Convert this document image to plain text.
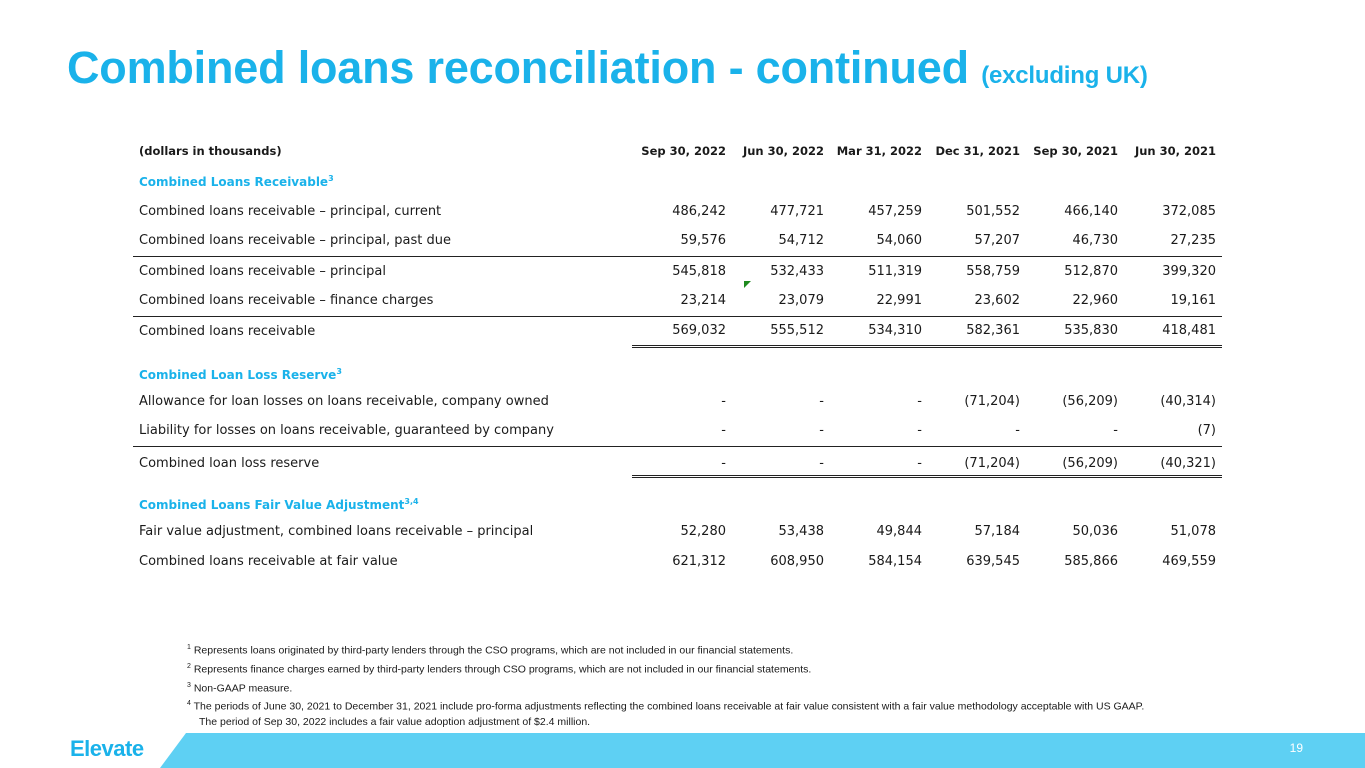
Combined loans reconciliation - continued (excluding UK)
(dollars in thousands)	Sep 30, 2022	Jun 30, 2022	Mar 31, 2022	Dec 31, 2021	Sep 30, 2021	Jun 30, 2021
Combined Loans Receivable$^3$						
Combined loans receivable – principal, current	486,242	477,721	457,259	501,552	466,140	372,085
Combined loans receivable – principal, past due	59,576	54,712	54,060	57,207	46,730	27,235
Combined loans receivable – principal	545,818	532,433	511,319	558,759	512,870	399,320
Combined loans receivable – finance charges	23,214	23,079	22,991	23,602	22,960	19,161
Combined loans receivable	569,032	555,512	534,310	582,361	535,830	418,481
Combined Loan Loss Reserve$^3$						
Allowance for loan losses on loans receivable, company owned	-	-	-	(71,204)	(56,209)	(40,314)
Liability for losses on loans receivable, guaranteed by company	-	-	-	-	-	(7)
Combined loan loss reserve	-	-	-	(71,204)	(56,209)	(40,321)
Combined Loans Fair Value Adjustment$^{3,4}$						
Fair value adjustment, combined loans receivable – principal	52,280	53,438	49,844	57,184	50,036	51,078
Combined loans receivable at fair value	621,312	608,950	584,154	639,545	585,866	469,559
$^1$ Represents loans originated by third-party lenders through the CSO programs, which are not included in our financial statements.
$^2$ Represents finance charges earned by third-party lenders through CSO programs, which are not included in our financial statements.
$^3$ Non-GAAP measure.
$^4$ The periods of June 30, 2021 to December 31, 2021 include pro-forma adjustments reflecting the combined loans receivable at fair value consistent with a fair value methodology acceptable with US GAAP.
The period of Sep 30, 2022 includes a fair value adoption adjustment of $2.4 million.
Elevate	19
